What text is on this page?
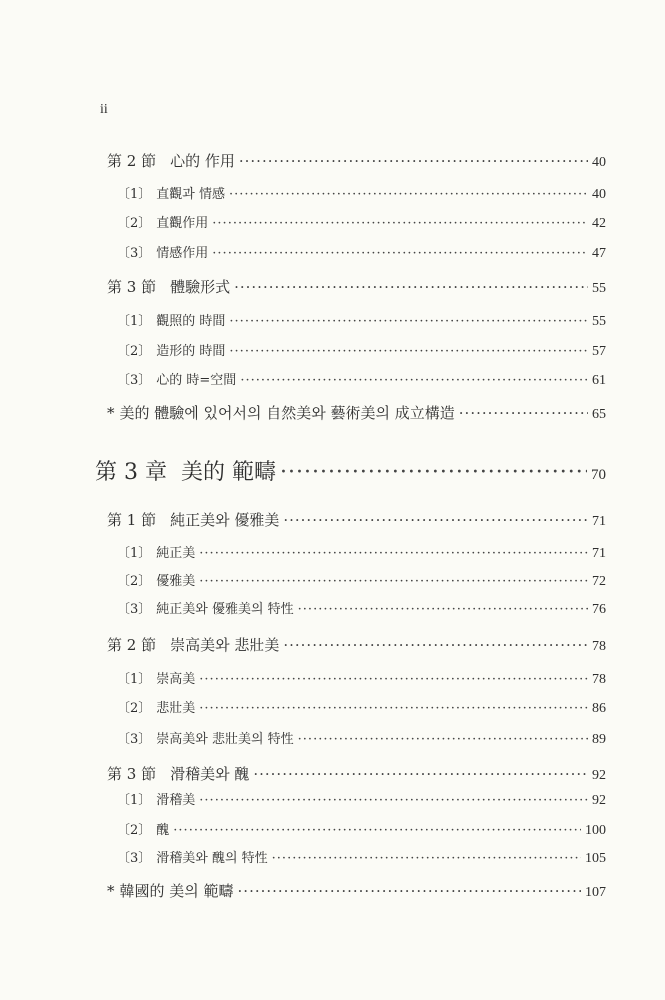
ii
第 2 節 心的 作用 ·····	40
〔1〕 直觀과 情感 ·····	40
〔2〕 直觀作用 ·····	42
〔3〕 情感作用 ·····	47
第 3 節 體驗形式 ·····	55
〔1〕 觀照的 時間 ·····	55
〔2〕 造形的 時間 ·····	57
〔3〕 心的 時=空間 ·····	61
* 美的 體驗에 있어서의 自然美와 藝術美의 成立構造 ·····	65
第 3 章 美的 範疇 ·····	70
第 1 節 純正美와 優雅美 ·····	71
〔1〕 純正美 ·····	71
〔2〕 優雅美 ·····	72
〔3〕 純正美와 優雅美의 特性 ·····	76
第 2 節 崇高美와 悲壯美 ·····	78
〔1〕 崇高美 ·····	78
〔2〕 悲壯美 ·····	86
〔3〕 崇高美와 悲壯美의 特性 ·····	89
第 3 節 滑稽美와 醜 ·····	92
〔1〕 滑稽美 ·····	92
〔2〕 醜 ·····	100
〔3〕 滑稽美와 醜의 特性 ·····	105
* 韓國的 美의 範疇 ·····	107
